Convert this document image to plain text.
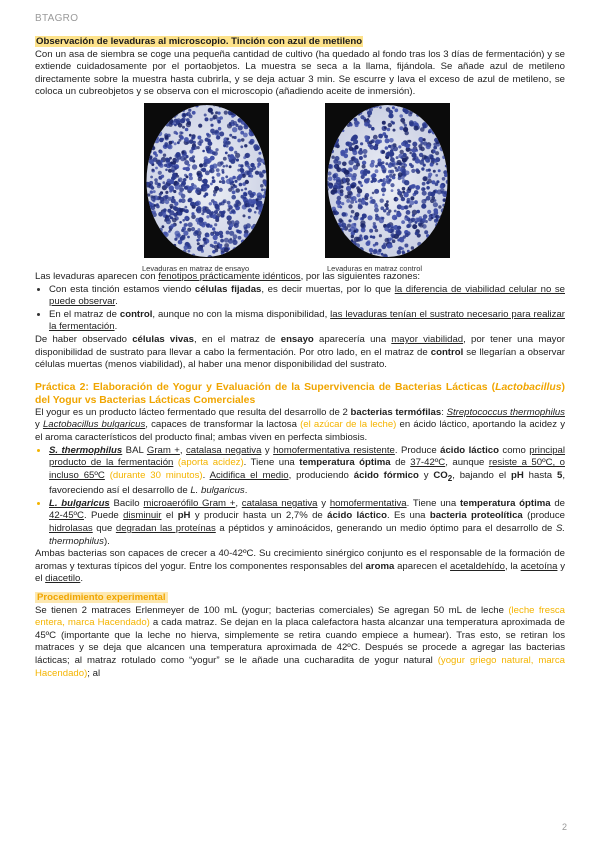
BTAGRO

Observación de levaduras al microscopio. Tinción con azul de metileno

Con un asa de siembra se coge una pequeña cantidad de cultivo (ha quedado al fondo tras los 3 días de fermentación) y se extiende cuidadosamente por el portaobjetos. La muestra se seca a la llama, fijándola. Se añade azul de metileno directamente sobre la muestra hasta cubrirla, y se deja actuar 3 min. Se escurre y lava el exceso de azul de metileno, se coloca un cubreobjetos y se observa con el microscopio (añadiendo aceite de inmersión).

Levaduras en matraz de ensayo	Levaduras en matraz control

Las levaduras aparecen con fenotipos prácticamente idénticos, por las siguientes razones:

• Con esta tinción estamos viendo células fijadas, es decir muertas, por lo que la diferencia de viabilidad celular no se puede observar.
• En el matraz de control, aunque no con la misma disponibilidad, las levaduras tenían el sustrato necesario para realizar la fermentación.

De haber observado células vivas, en el matraz de ensayo aparecería una mayor viabilidad, por tener una mayor disponibilidad de sustrato para llevar a cabo la fermentación. Por otro lado, en el matraz de control se llegarían a observar células muertas (menos viabilidad), al haber una menor disponibilidad del sustrato.

Práctica 2: Elaboración de Yogur y Evaluación de la Supervivencia de Bacterias Lácticas (Lactobacillus) del Yogur vs Bacterias Lácticas Comerciales

El yogur es un producto lácteo fermentado que resulta del desarrollo de 2 bacterias termófilas: Streptococcus thermophilus y Lactobacillus bulgaricus, capaces de transformar la lactosa (el azúcar de la leche) en ácido láctico, aportando la acidez y el aroma característicos del producto final; ambas viven en perfecta simbiosis.

• S. thermophilus BAL Gram +, catalasa negativa y homofermentativa resistente. Produce ácido láctico como principal producto de la fermentación (aporta acidez). Tiene una temperatura óptima de 37-42ºC, aunque resiste a 50ºC, o incluso 65ºC (durante 30 minutos). Acidifica el medio, produciendo ácido fórmico y $CO_2$, bajando el pH hasta 5, favoreciendo así el desarrollo de L. bulgaricus.
• L. bulgaricus Bacilo microaerófilo Gram +, catalasa negativa y homofermentativa. Tiene una temperatura óptima de 42-45ºC. Puede disminuir el pH y producir hasta un 2,7% de ácido láctico. Es una bacteria proteolítica (produce hidrolasas que degradan las proteínas a péptidos y aminoácidos, generando un medio óptimo para el desarrollo de S. thermophilus).

Ambas bacterias son capaces de crecer a 40-42ºC. Su crecimiento sinérgico conjunto es el responsable de la formación de aromas y texturas típicos del yogur. Entre los componentes responsables del aroma aparecen el acetaldehído, la acetoína y el diacetilo.

Procedimiento experimental

Se tienen 2 matraces Erlenmeyer de 100 mL (yogur; bacterias comerciales) Se agregan 50 mL de leche (leche fresca entera, marca Hacendado) a cada matraz. Se dejan en la placa calefactora hasta alcanzar una temperatura aproximada de 45ºC (importante que la leche no hierva, simplemente se retira cuando empiece a humear). Tras esto, se retiran los matraces y se deja que alcancen una temperatura aproximada de 42ºC. Después se procede a agregar las bacterias lácticas; al matraz rotulado como “yogur” se le añade una cucharadita de yogur natural (yogur griego natural, marca Hacendado); al

2
